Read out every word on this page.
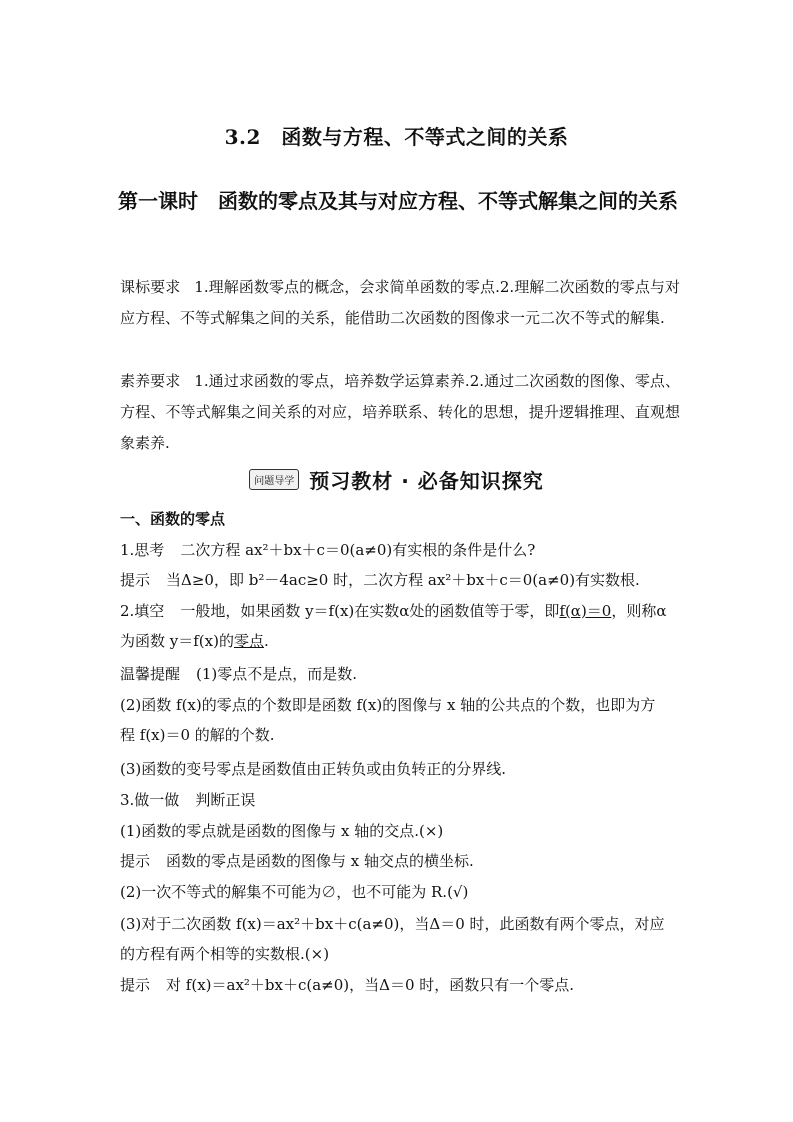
3.2　函数与方程、不等式之间的关系
第一课时　函数的零点及其与对应方程、不等式解集之间的关系
课标要求 1.理解函数零点的概念，会求简单函数的零点.2.理解二次函数的零点与对应方程、不等式解集之间的关系，能借助二次函数的图像求一元二次不等式的解集.
素养要求 1.通过求函数的零点，培养数学运算素养.2.通过二次函数的图像、零点、方程、不等式解集之间关系的对应，培养联系、转化的思想，提升逻辑推理、直观想象素养.
问题导学 预习教材 · 必备知识探究
一、函数的零点
1.思考 二次方程 ax²＋bx＋c＝0(a≠0)有实根的条件是什么?
提示 当Δ≥0，即 b²－4ac≥0 时，二次方程 ax²＋bx＋c＝0(a≠0)有实数根.
2.填空 一般地，如果函数 y＝f(x)在实数α处的函数值等于零，即f(α)＝0，则称α
为函数 y＝f(x)的零点.
温馨提醒 (1)零点不是点，而是数.
(2)函数 f(x)的零点的个数即是函数 f(x)的图像与 x 轴的公共点的个数，也即为方
程 f(x)＝0 的解的个数.
(3)函数的变号零点是函数值由正转负或由负转正的分界线.
3.做一做 判断正误
(1)函数的零点就是函数的图像与 x 轴的交点.(×)
提示 函数的零点是函数的图像与 x 轴交点的横坐标.
(2)一次不等式的解集不可能为∅，也不可能为 R.(√)
(3)对于二次函数 f(x)＝ax²＋bx＋c(a≠0)，当Δ＝0 时，此函数有两个零点，对应
的方程有两个相等的实数根.(×)
提示 对 f(x)＝ax²＋bx＋c(a≠0)，当Δ＝0 时，函数只有一个零点.
